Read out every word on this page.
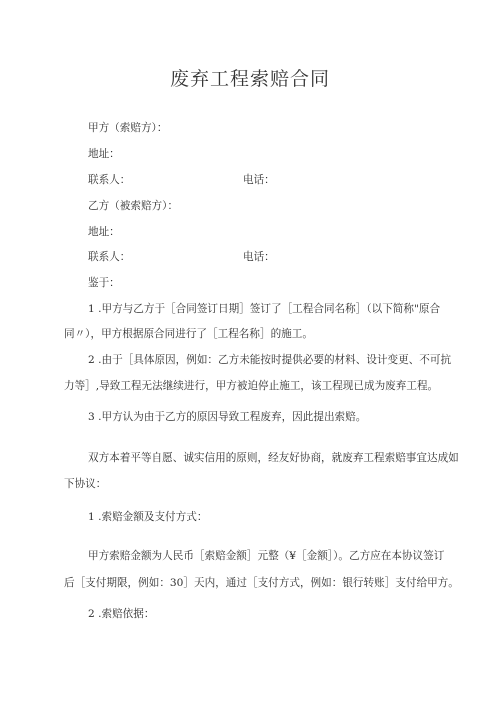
废弃工程索赔合同
甲方（索赔方）：
地址：
联系人：	电话：
乙方（被索赔方）：
地址：
联系人：	电话：
鉴于：
1 .甲方与乙方于［合同签订日期］签订了［工程合同名称］（以下简称"原合
同〃），甲方根据原合同进行了［工程名称］的施工。
2 .由于［具体原因，例如：乙方未能按时提供必要的材料、设计变更、不可抗
力等］,导致工程无法继续进行，甲方被迫停止施工，该工程现已成为废弃工程。
3 .甲方认为由于乙方的原因导致工程废弃，因此提出索赔。
双方本着平等自愿、诚实信用的原则，经友好协商，就废弃工程索赔事宜达成如
下协议：
1 .索赔金额及支付方式：
甲方索赔金额为人民币［索赔金额］元整（¥［金额］）。乙方应在本协议签订
后［支付期限，例如：30］天内，通过［支付方式，例如：银行转账］支付给甲方。
2 .索赔依据：
